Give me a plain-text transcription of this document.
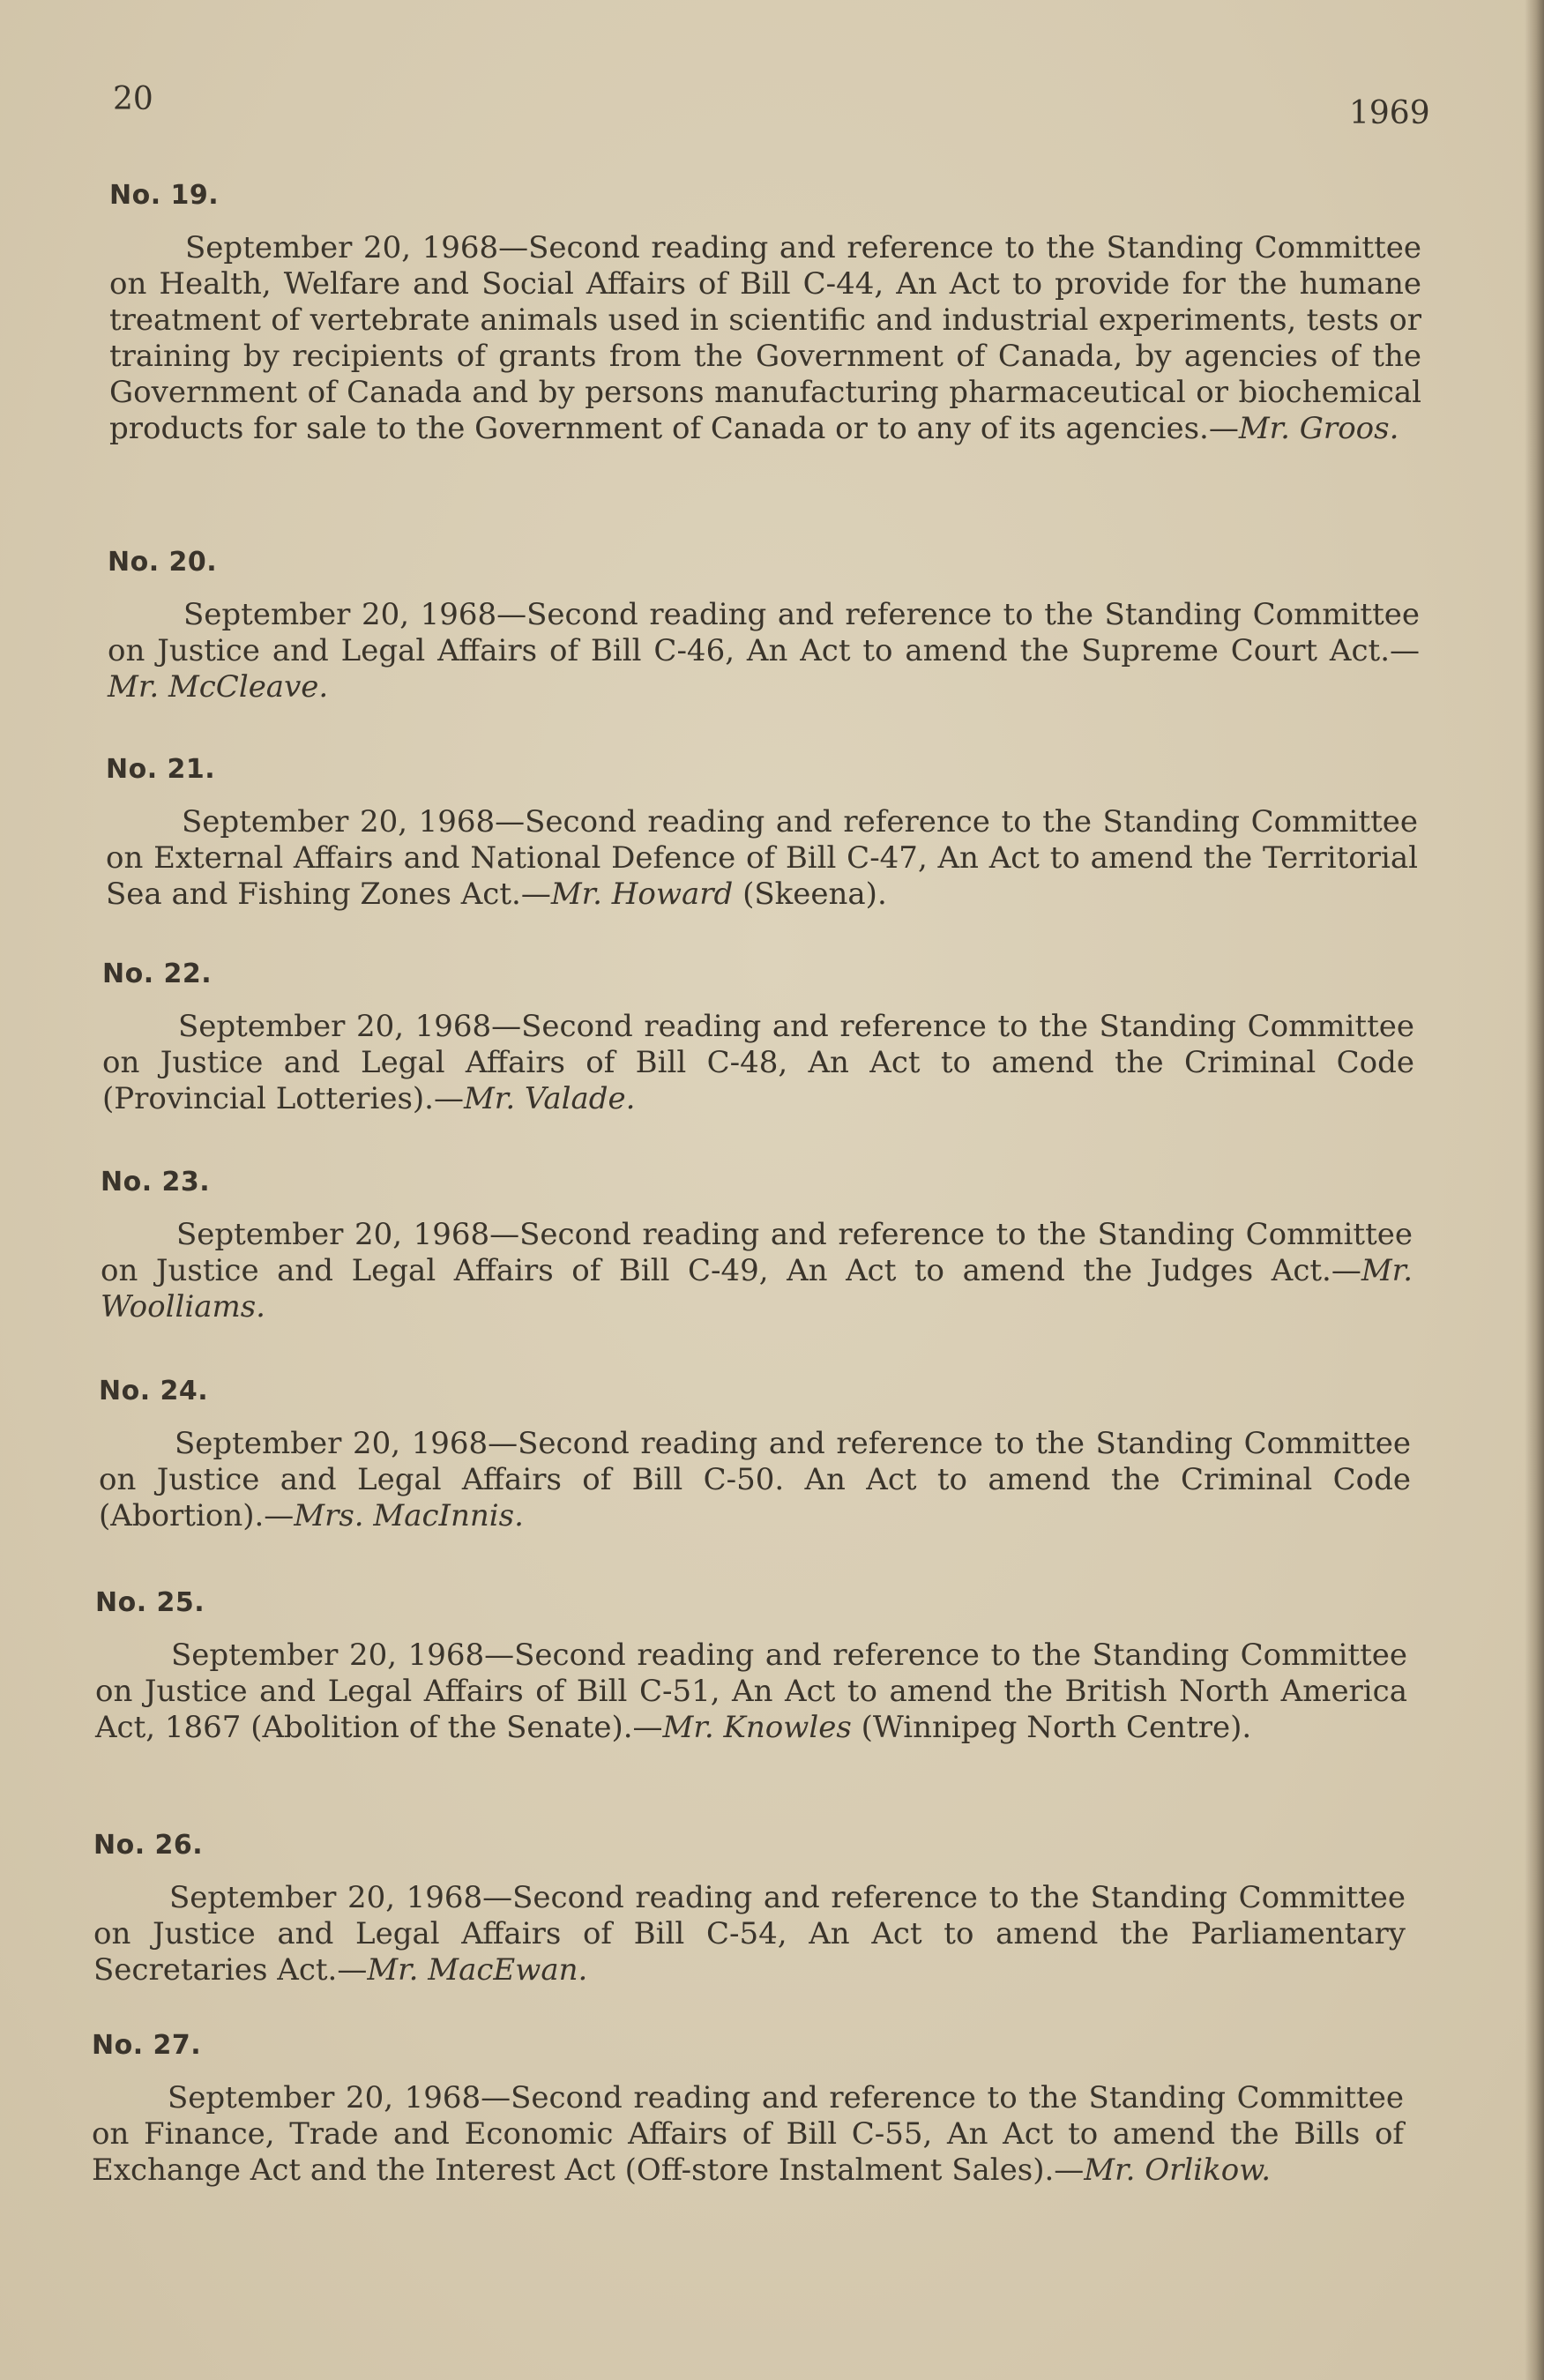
20	1969
No. 19.

September 20, 1968—Second reading and reference to the Standing Committee on Health, Welfare and Social Affairs of Bill C-44, An Act to provide for the humane treatment of vertebrate animals used in scientific and industrial experiments, tests or training by recipients of grants from the Government of Canada, by agencies of the Government of Canada and by persons manufacturing pharmaceutical or biochemical products for sale to the Government of Canada or to any of its agencies.—Mr. Groos.

No. 20.

September 20, 1968—Second reading and reference to the Standing Committee on Justice and Legal Affairs of Bill C-46, An Act to amend the Supreme Court Act.—Mr. McCleave.

No. 21.

September 20, 1968—Second reading and reference to the Standing Committee on External Affairs and National Defence of Bill C-47, An Act to amend the Territorial Sea and Fishing Zones Act.—Mr. Howard (Skeena).

No. 22.

September 20, 1968—Second reading and reference to the Standing Committee on Justice and Legal Affairs of Bill C-48, An Act to amend the Criminal Code (Provincial Lotteries).—Mr. Valade.

No. 23.

September 20, 1968—Second reading and reference to the Standing Committee on Justice and Legal Affairs of Bill C-49, An Act to amend the Judges Act.—Mr. Woolliams.

No. 24.

September 20, 1968—Second reading and reference to the Standing Committee on Justice and Legal Affairs of Bill C-50. An Act to amend the Criminal Code (Abortion).—Mrs. MacInnis.

No. 25.

September 20, 1968—Second reading and reference to the Standing Committee on Justice and Legal Affairs of Bill C-51, An Act to amend the British North America Act, 1867 (Abolition of the Senate).—Mr. Knowles (Winnipeg North Centre).

No. 26.

September 20, 1968—Second reading and reference to the Standing Committee on Justice and Legal Affairs of Bill C-54, An Act to amend the Parliamentary Secretaries Act.—Mr. MacEwan.

No. 27.

September 20, 1968—Second reading and reference to the Standing Committee on Finance, Trade and Economic Affairs of Bill C-55, An Act to amend the Bills of Exchange Act and the Interest Act (Off-store Instalment Sales).—Mr. Orlikow.
